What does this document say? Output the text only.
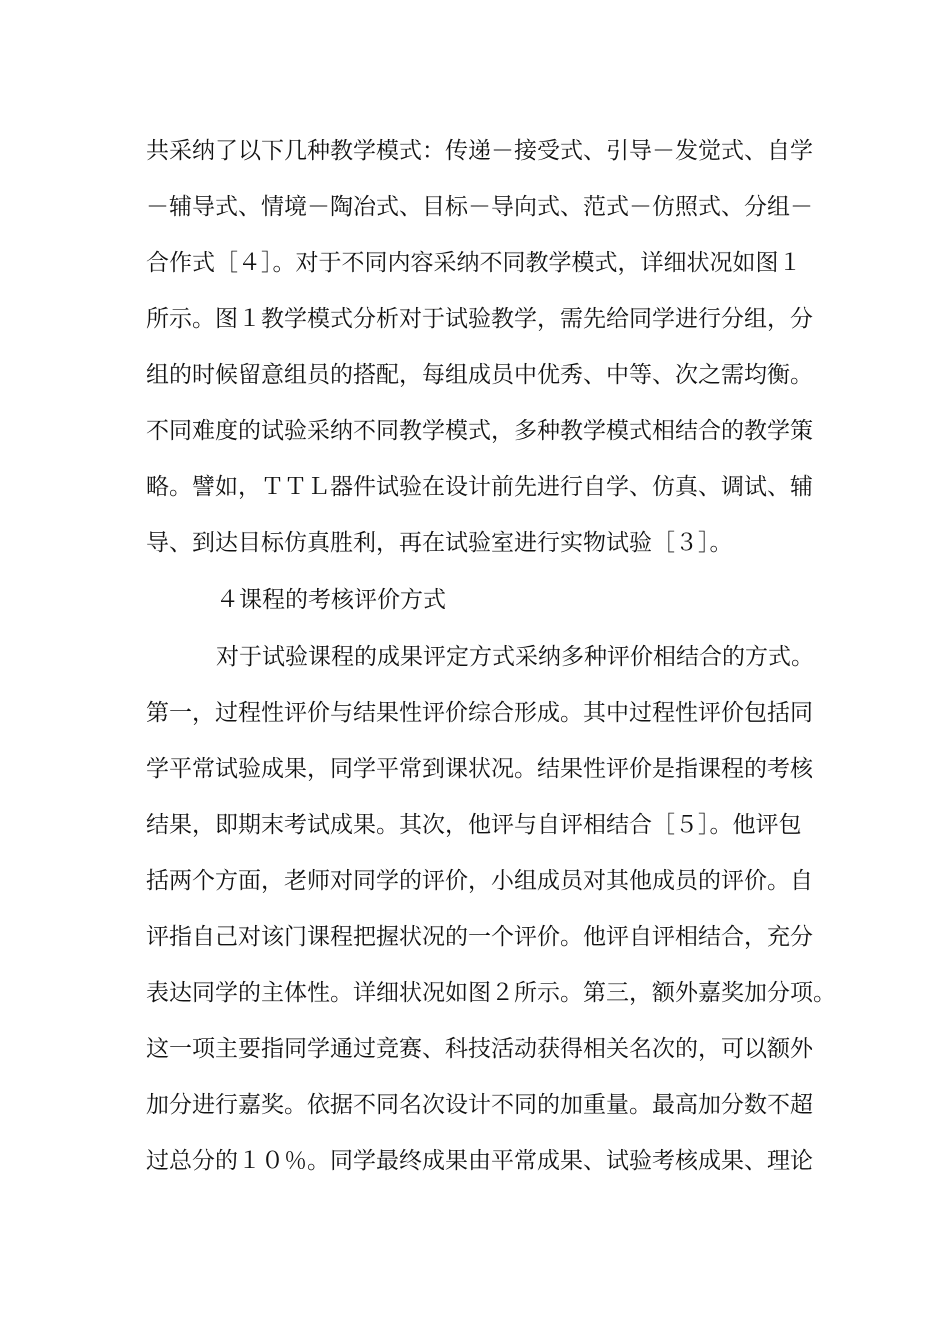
共采纳了以下几种教学模式：传递－接受式、引导－发觉式、自学
－辅导式、情境－陶冶式、目标－导向式、范式－仿照式、分组－
合作式［４］。对于不同内容采纳不同教学模式，详细状况如图１
所示。图１教学模式分析对于试验教学，需先给同学进行分组，分
组的时候留意组员的搭配，每组成员中优秀、中等、次之需均衡。
不同难度的试验采纳不同教学模式，多种教学模式相结合的教学策
略。譬如，ＴＴＬ器件试验在设计前先进行自学、仿真、调试、辅
导、到达目标仿真胜利，再在试验室进行实物试验［３］。
４课程的考核评价方式
对于试验课程的成果评定方式采纳多种评价相结合的方式。
第一，过程性评价与结果性评价综合形成。其中过程性评价包括同
学平常试验成果，同学平常到课状况。结果性评价是指课程的考核
结果，即期末考试成果。其次，他评与自评相结合［５］。他评包
括两个方面，老师对同学的评价，小组成员对其他成员的评价。自
评指自己对该门课程把握状况的一个评价。他评自评相结合，充分
表达同学的主体性。详细状况如图２所示。第三，额外嘉奖加分项。
这一项主要指同学通过竞赛、科技活动获得相关名次的，可以额外
加分进行嘉奖。依据不同名次设计不同的加重量。最高加分数不超
过总分的１０％。同学最终成果由平常成果、试验考核成果、理论
